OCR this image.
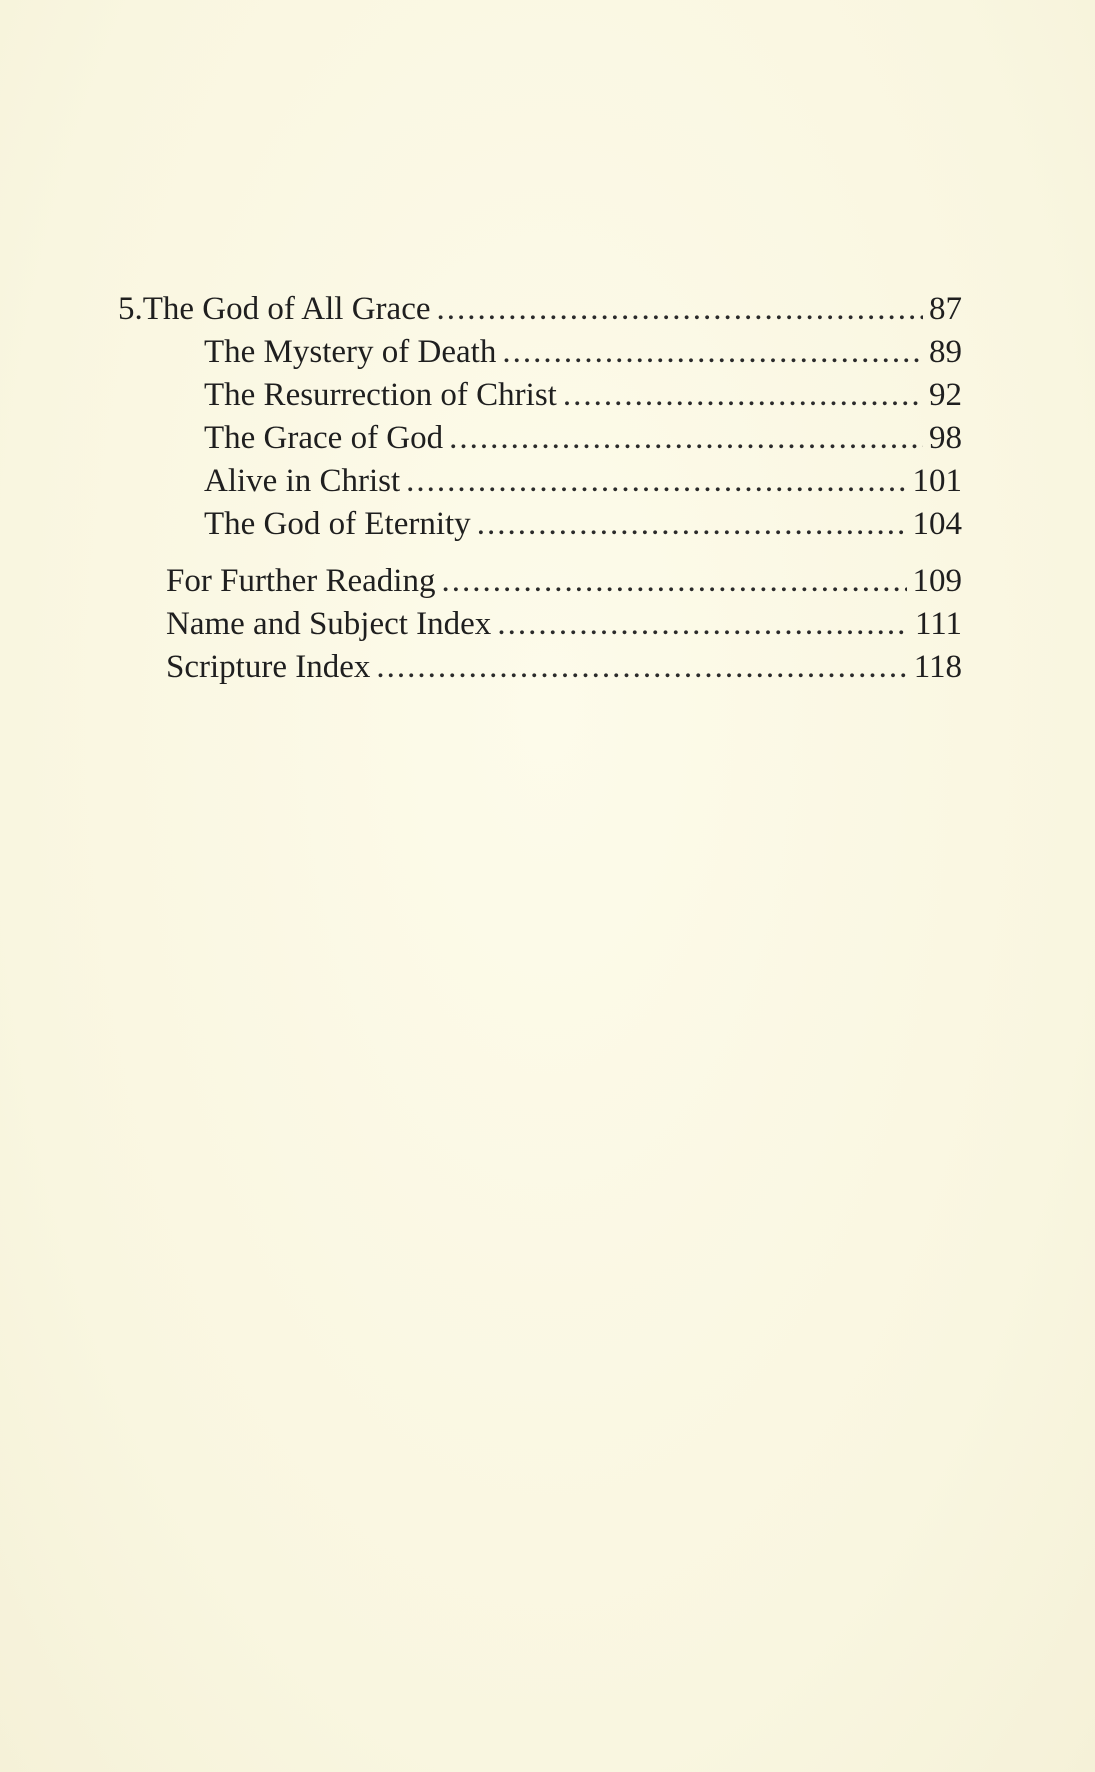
5. The God of All Grace .....	87
The Mystery of Death .....	89
The Resurrection of Christ .....	92
The Grace of God .....	98
Alive in Christ .....	101
The God of Eternity .....	104
For Further Reading .....	109
Name and Subject Index .....	111
Scripture Index .....	118
